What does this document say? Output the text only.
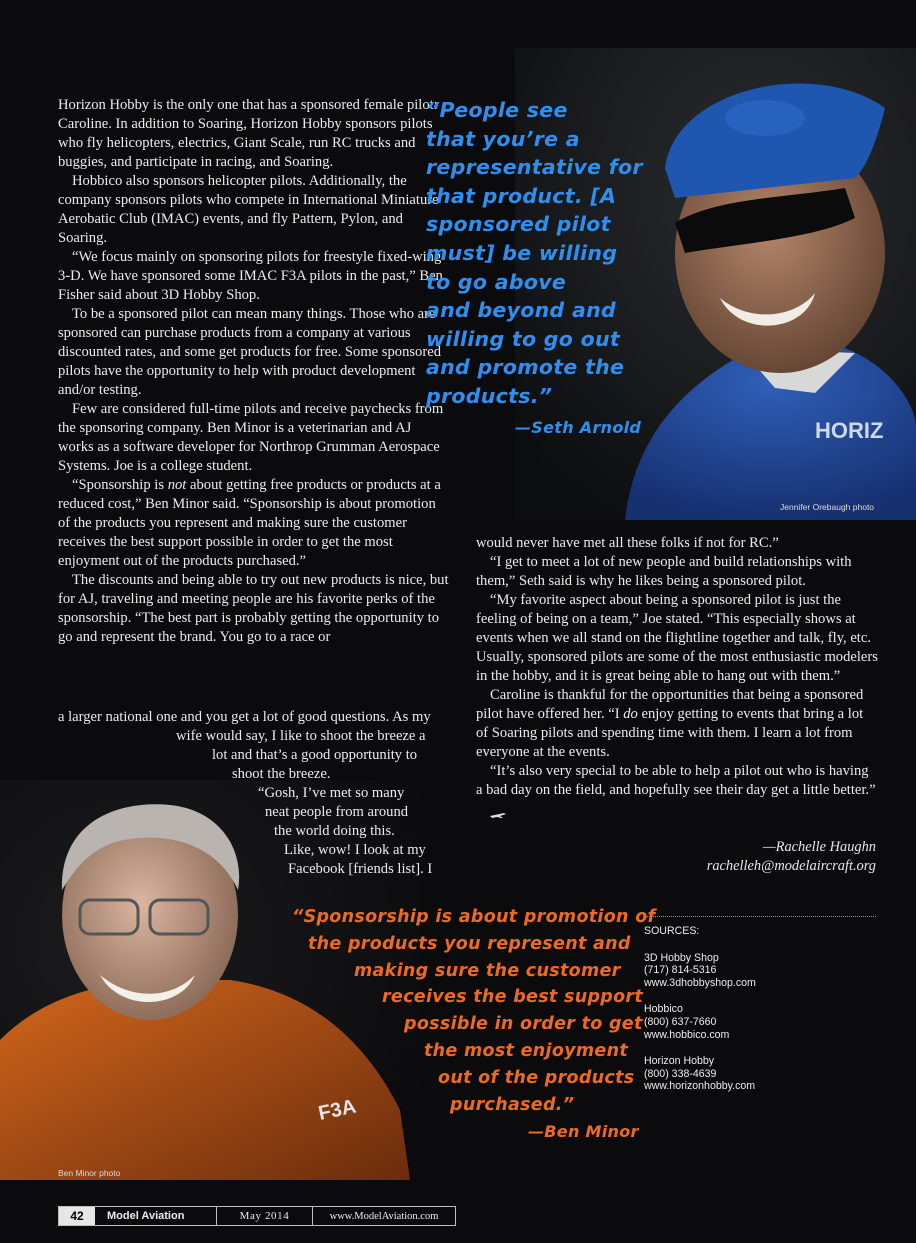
HORIZ
F3A

Horizon Hobby is the only one that has a sponsored female pilot: Caroline. In addition to Soaring, Horizon Hobby sponsors pilots who fly helicopters, electrics, Giant Scale, run RC trucks and buggies, and participate in racing, and Soaring.

Hobbico also sponsors helicopter pilots. Additionally, the company sponsors pilots who compete in International Miniature Aerobatic Club (IMAC) events, and fly Pattern, Pylon, and Soaring.

“We focus mainly on sponsoring pilots for freestyle fixed-wing 3-D. We have sponsored some IMAC F3A pilots in the past,” Ben Fisher said about 3D Hobby Shop.

To be a sponsored pilot can mean many things. Those who are sponsored can purchase products from a company at various discounted rates, and some get products for free. Some sponsored pilots have the opportunity to help with product development and/or testing.

Few are considered full-time pilots and receive paychecks from the sponsoring company. Ben Minor is a veterinarian and AJ works as a software developer for Northrop Grumman Aerospace Systems. Joe is a college student.

“Sponsorship is not about getting free products or products at a reduced cost,” Ben Minor said. “Sponsorship is about promotion of the products you represent and making sure the customer receives the best support possible in order to get the most enjoyment out of the products purchased.”

The discounts and being able to try out new products is nice, but for AJ, traveling and meeting people are his favorite perks of the sponsorship. “The best part is probably getting the opportunity to go and represent the brand. You go to a race or

a larger national one and you get a lot of good questions. As my
wife would say, I like to shoot the breeze a
lot and that’s a good opportunity to
shoot the breeze.
“Gosh, I’ve met so many
neat people from around
the world doing this.
Like, wow! I look at my
Facebook [friends list]. I
“People see
that you’re a
representative for
that product. [A
sponsored pilot
must] be willing
to go above
and beyond and
willing to go out
and promote the
products.”
—Seth Arnold
Jennifer Orebaugh photo

would never have met all these folks if not for RC.”

“I get to meet a lot of new people and build relationships with them,” Seth said is why he likes being a sponsored pilot.

“My favorite aspect about being a sponsored pilot is just the feeling of being on a team,” Joe stated. “This especially shows at events when we all stand on the flightline together and talk, fly, etc. Usually, sponsored pilots are some of the most enthusiastic modelers in the hobby, and it is great being able to hang out with them.”

Caroline is thankful for the opportunities that being a sponsored pilot have offered her. “I do enjoy getting to events that bring a lot of Soaring pilots and spending time with them. I learn a lot from everyone at the events.

“It’s also very special to be able to help a pilot out who is having a bad day on the field, and hopefully see their day get a little better.”

—Rachelle Haughn
rachelleh@modelaircraft.org
SOURCES:
3D Hobby Shop
(717) 814-5316
www.3dhobbyshop.com
Hobbico
(800) 637-7660
www.hobbico.com
Horizon Hobby
(800) 338-4639
www.horizonhobby.com
“Sponsorship is about promotion of
the products you represent and
making sure the customer
receives the best support
possible in order to get
the most enjoyment
out of the products
purchased.”
—Ben Minor
Ben Minor photo
42	Model Aviation	May 2014	www.ModelAviation.com
